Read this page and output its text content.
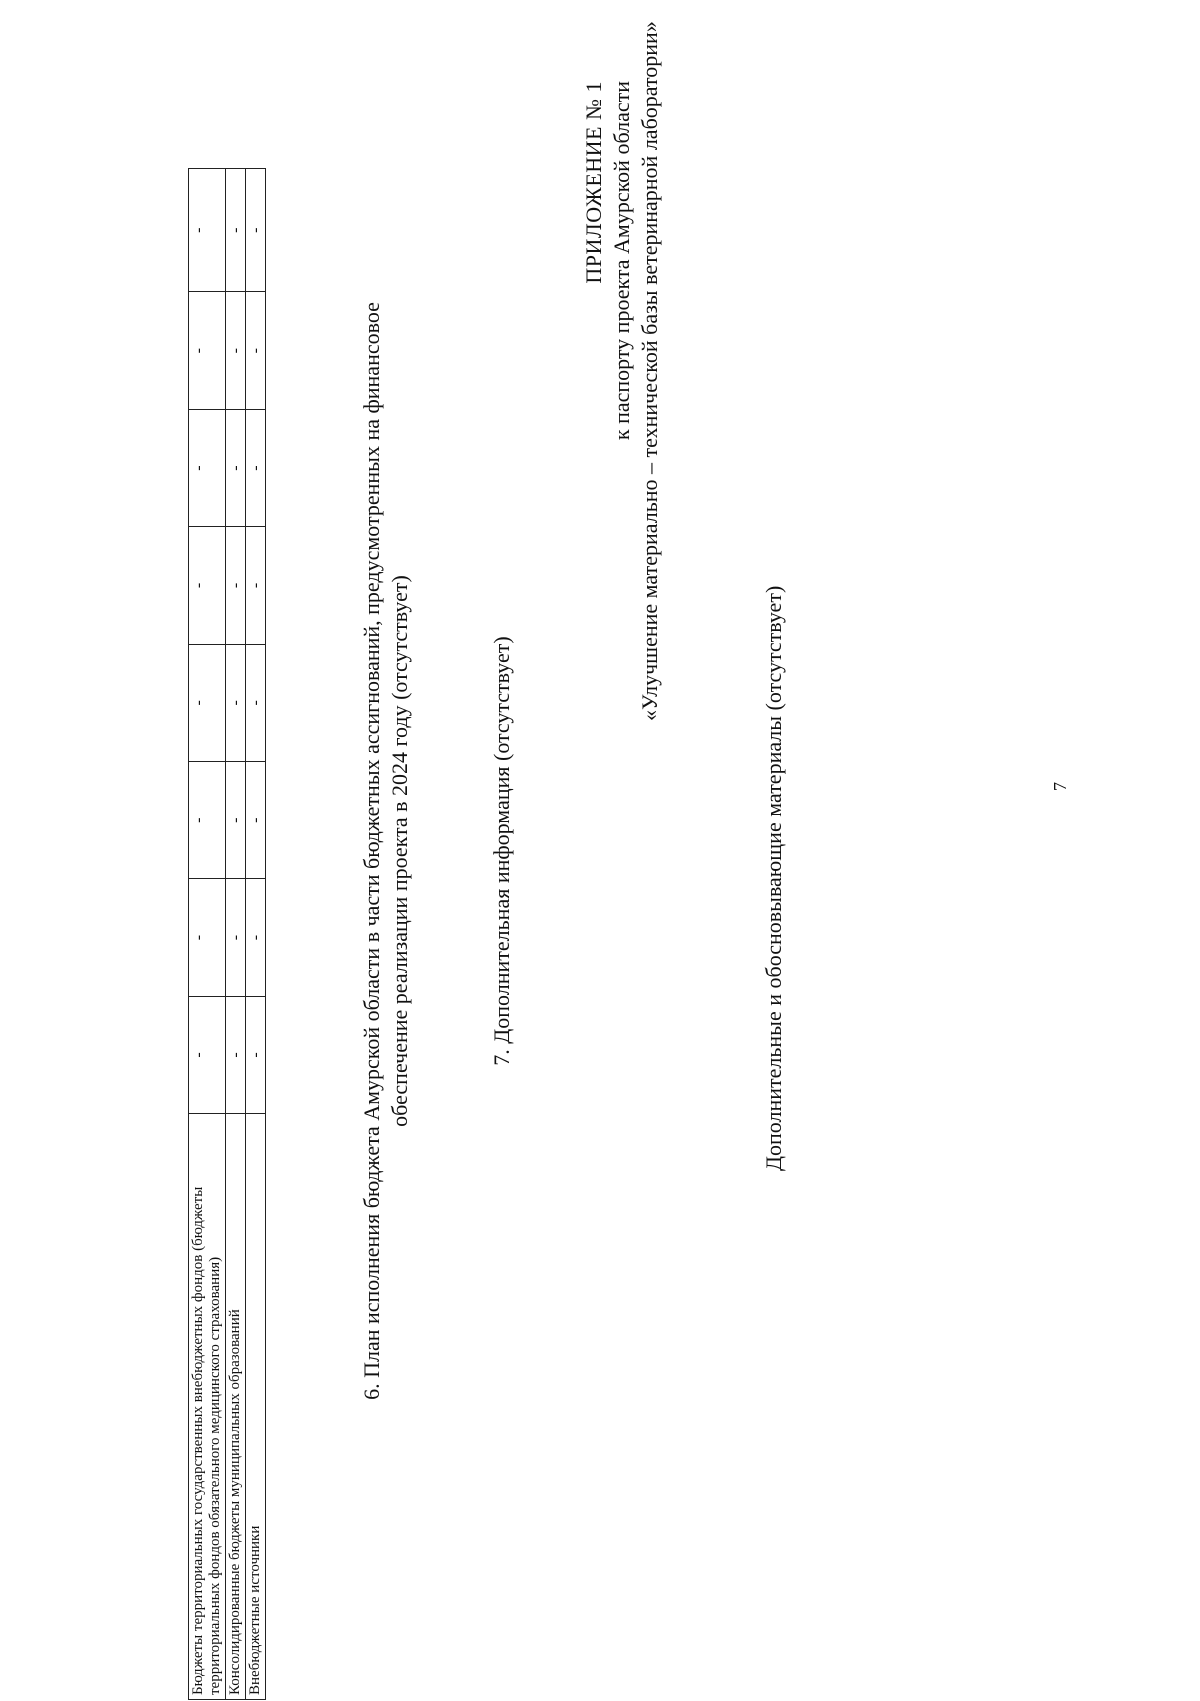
Бюджеты территориальных государственных внебюджетных фондов (бюджеты территориальных фондов обязательного медицинского страхования)	-	-	-	-	-	-	-	-
Консолидированные бюджеты муниципальных образований	-	-	-	-	-	-	-	-
Внебюджетные источники	-	-	-	-	-	-	-	-
6. План исполнения бюджета Амурской области в части бюджетных ассигнований, предусмотренных на финансовое обеспечение реализации проекта в 2024 году (отсутствует)	7. Дополнительная информация (отсутствует)
ПРИЛОЖЕНИЕ № 1 к паспорту проекта Амурской области «Улучшение материально – технической базы ветеринарной лаборатории»
Дополнительные и обосновывающие материалы (отсутствует)	7
